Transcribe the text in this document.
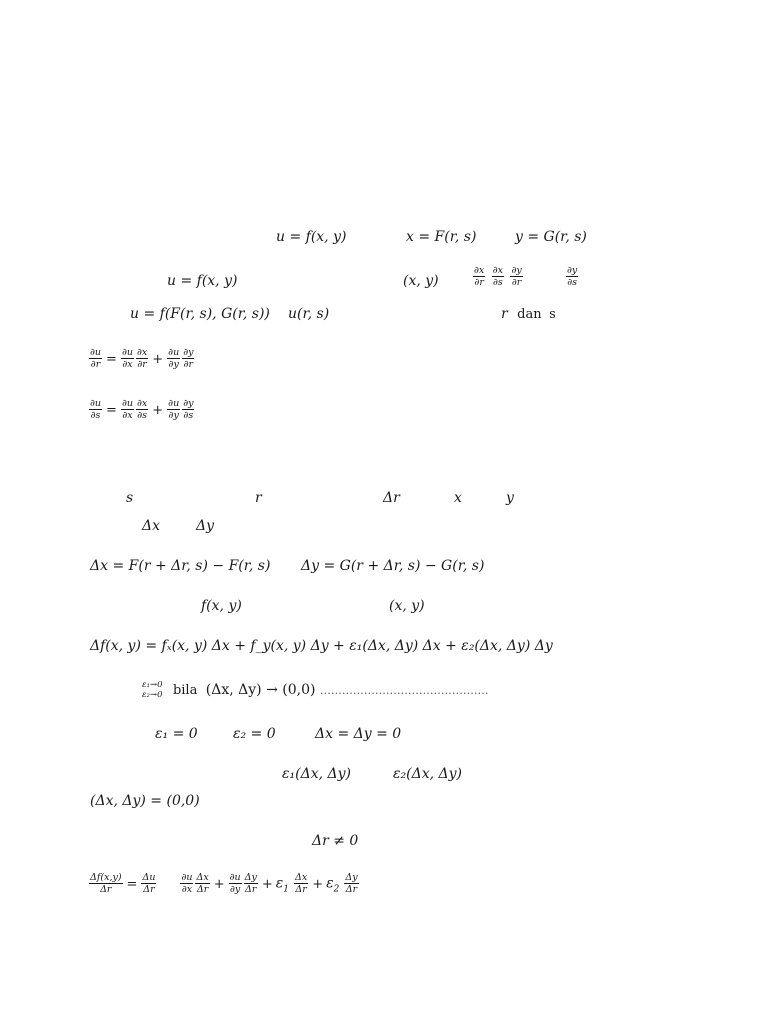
u = f(x, y)	x = F(r, s)	y = G(r, s)
u = f(x, y)	(x, y)	$\frac{\partial x}{\partial r}$
$\frac{\partial x}{\partial s}$
$\frac{\partial y}{\partial r}$	$\frac{\partial y}{\partial s}$
u = f(F(r, s), G(r, s)) u(r, s)	r dan s
$\frac{\partial u}{\partial r} = \frac{\partial u}{\partial x} \frac{\partial x}{\partial r} + \frac{\partial u}{\partial y} \frac{\partial y}{\partial r}$
$\frac{\partial u}{\partial s} = \frac{\partial u}{\partial x} \frac{\partial x}{\partial s} + \frac{\partial u}{\partial y} \frac{\partial y}{\partial s}$
s	r	Δr	x	y
Δx	Δy
Δx = F(r + Δr, s) − F(r, s) Δy = G(r + Δr, s) − G(r, s)
f(x, y)	(x, y)
Δf(x, y) = fₓ(x, y) Δx + f_y(x, y) Δy + ε₁(Δx, Δy) Δx + ε₂(Δx, Δy) Δy
ε₁→0
ε₂→0 bila (Δx, Δy) → (0,0) ……………………………………….
ε₁ = 0	ε₂ = 0	Δx = Δy = 0
ε₁(Δx, Δy)	ε₂(Δx, Δy)
(Δx, Δy) = (0,0)
Δr ≠ 0
$\frac{\Delta f(x,y)}{\Delta r} = \frac{\Delta u}{\Delta r}$	$\frac{\partial u}{\partial x} \frac{\Delta x}{\Delta r} + \frac{\partial u}{\partial y} \frac{\Delta y}{\Delta r} + \varepsilon_1 \frac{\Delta x}{\Delta r} + \varepsilon_2 \frac{\Delta y}{\Delta r}$
